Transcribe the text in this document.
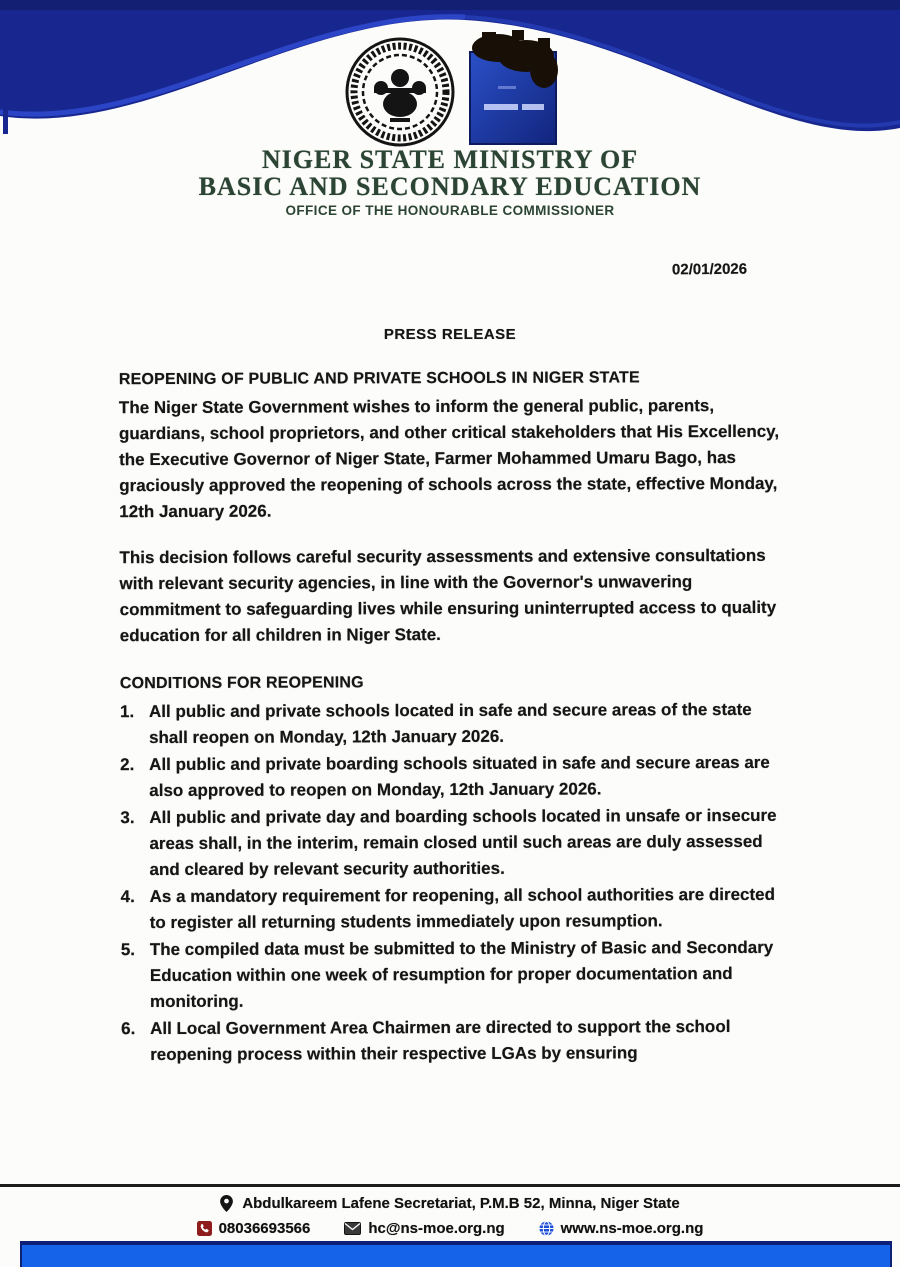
NIGER STATE MINISTRY OF
BASIC AND SECONDARY EDUCATION
OFFICE OF THE HONOURABLE COMMISSIONER
02/01/2026
PRESS RELEASE
REOPENING OF PUBLIC AND PRIVATE SCHOOLS IN NIGER STATE

The Niger State Government wishes to inform the general public, parents, guardians, school proprietors, and other critical stakeholders that His Excellency, the Executive Governor of Niger State, Farmer Mohammed Umaru Bago, has graciously approved the reopening of schools across the state, effective Monday, 12th January 2026.

This decision follows careful security assessments and extensive consultations with relevant security agencies, in line with the Governor's unwavering commitment to safeguarding lives while ensuring uninterrupted access to quality education for all children in Niger State.

CONDITIONS FOR REOPENING
All public and private schools located in safe and secure areas of the state shall reopen on Monday, 12th January 2026.
All public and private boarding schools situated in safe and secure areas are also approved to reopen on Monday, 12th January 2026.
All public and private day and boarding schools located in unsafe or insecure areas shall, in the interim, remain closed until such areas are duly assessed and cleared by relevant security authorities.
As a mandatory requirement for reopening, all school authorities are directed to register all returning students immediately upon resumption.
The compiled data must be submitted to the Ministry of Basic and Secondary Education within one week of resumption for proper documentation and monitoring.
All Local Government Area Chairmen are directed to support the school reopening process within their respective LGAs by ensuring
Abdulkareem Lafene Secretariat, P.M.B 52, Minna, Niger State
08036693566	hc@ns-moe.org.ng	www.ns-moe.org.ng
